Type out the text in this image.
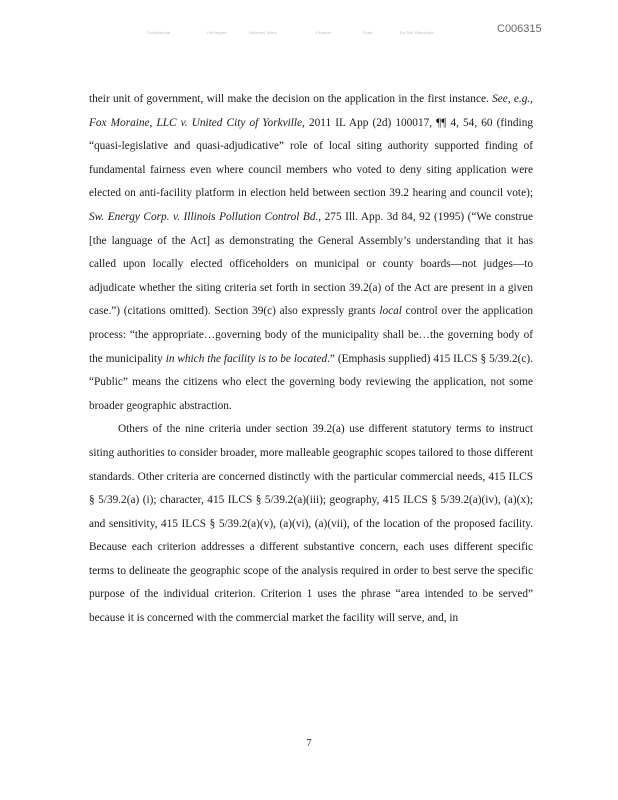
Confidential	Privileged	Attorney Work	Product	Draft	Do Not Distribute	C006315

their unit of government, will make the decision on the application in the first instance. See, e.g., Fox Moraine, LLC v. United City of Yorkville, 2011 IL App (2d) 100017, ¶¶ 4, 54, 60 (finding “quasi-legislative and quasi-adjudicative” role of local siting authority supported finding of fundamental fairness even where council members who voted to deny siting application were elected on anti-facility platform in election held between section 39.2 hearing and council vote); Sw. Energy Corp. v. Illinois Pollution Control Bd., 275 Ill. App. 3d 84, 92 (1995) (“We construe [the language of the Act] as demonstrating the General Assembly’s understanding that it has called upon locally elected officeholders on municipal or county boards—not judges—to adjudicate whether the siting criteria set forth in section 39.2(a) of the Act are present in a given case.”) (citations omitted). Section 39(c) also expressly grants local control over the application process: “the appropriate…governing body of the municipality shall be…the governing body of the municipality in which the facility is to be located.” (Emphasis supplied) 415 ILCS § 5/39.2(c). “Public” means the citizens who elect the governing body reviewing the application, not some broader geographic abstraction.

Others of the nine criteria under section 39.2(a) use different statutory terms to instruct siting authorities to consider broader, more malleable geographic scopes tailored to those different standards. Other criteria are concerned distinctly with the particular commercial needs, 415 ILCS § 5/39.2(a) (i); character, 415 ILCS § 5/39.2(a)(iii); geography, 415 ILCS § 5/39.2(a)(iv), (a)(x); and sensitivity, 415 ILCS § 5/39.2(a)(v), (a)(vi), (a)(vii), of the location of the proposed facility. Because each criterion addresses a different substantive concern, each uses different specific terms to delineate the geographic scope of the analysis required in order to best serve the specific purpose of the individual criterion. Criterion 1 uses the phrase “area intended to be served” because it is concerned with the commercial market the facility will serve, and, in

7
